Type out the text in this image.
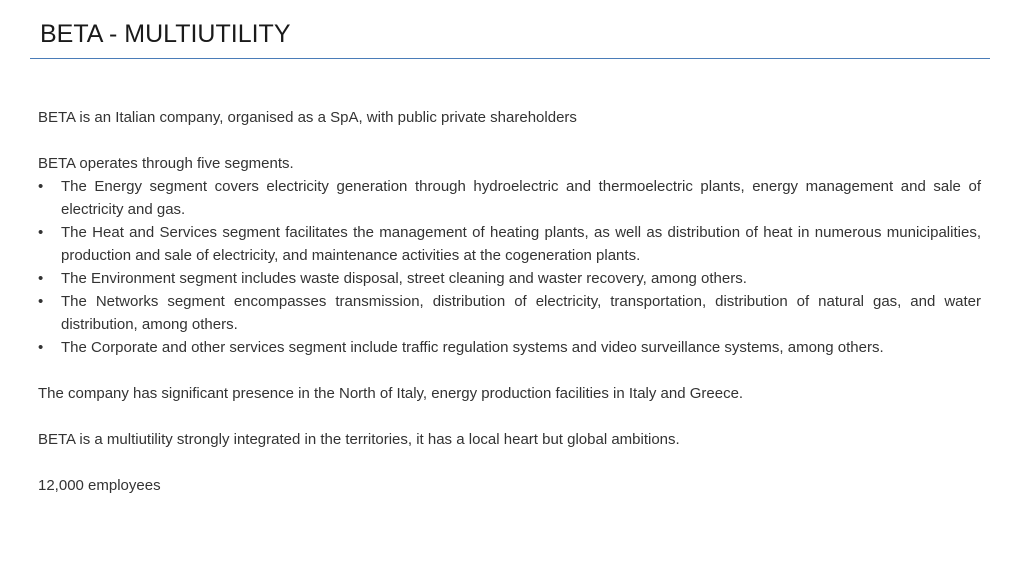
BETA - MULTIUTILITY

BETA is an Italian company, organised as a SpA, with public private shareholders

BETA operates through five segments.

•	The Energy segment covers electricity generation through hydroelectric and thermoelectric plants, energy management and sale of electricity and gas.
•	The Heat and Services segment facilitates the management of heating plants, as well as distribution of heat in numerous municipalities, production and sale of electricity, and maintenance activities at the cogeneration plants.
•	The Environment segment includes waste disposal, street cleaning and waster recovery, among others.
•	The Networks segment encompasses transmission, distribution of electricity, transportation, distribution of natural gas, and water distribution, among others.
•	The Corporate and other services segment include traffic regulation systems and video surveillance systems, among others.

The company has significant presence in the North of Italy, energy production facilities in Italy and Greece.

BETA is a multiutility strongly integrated in the territories, it has a local heart but global ambitions.

12,000 employees
